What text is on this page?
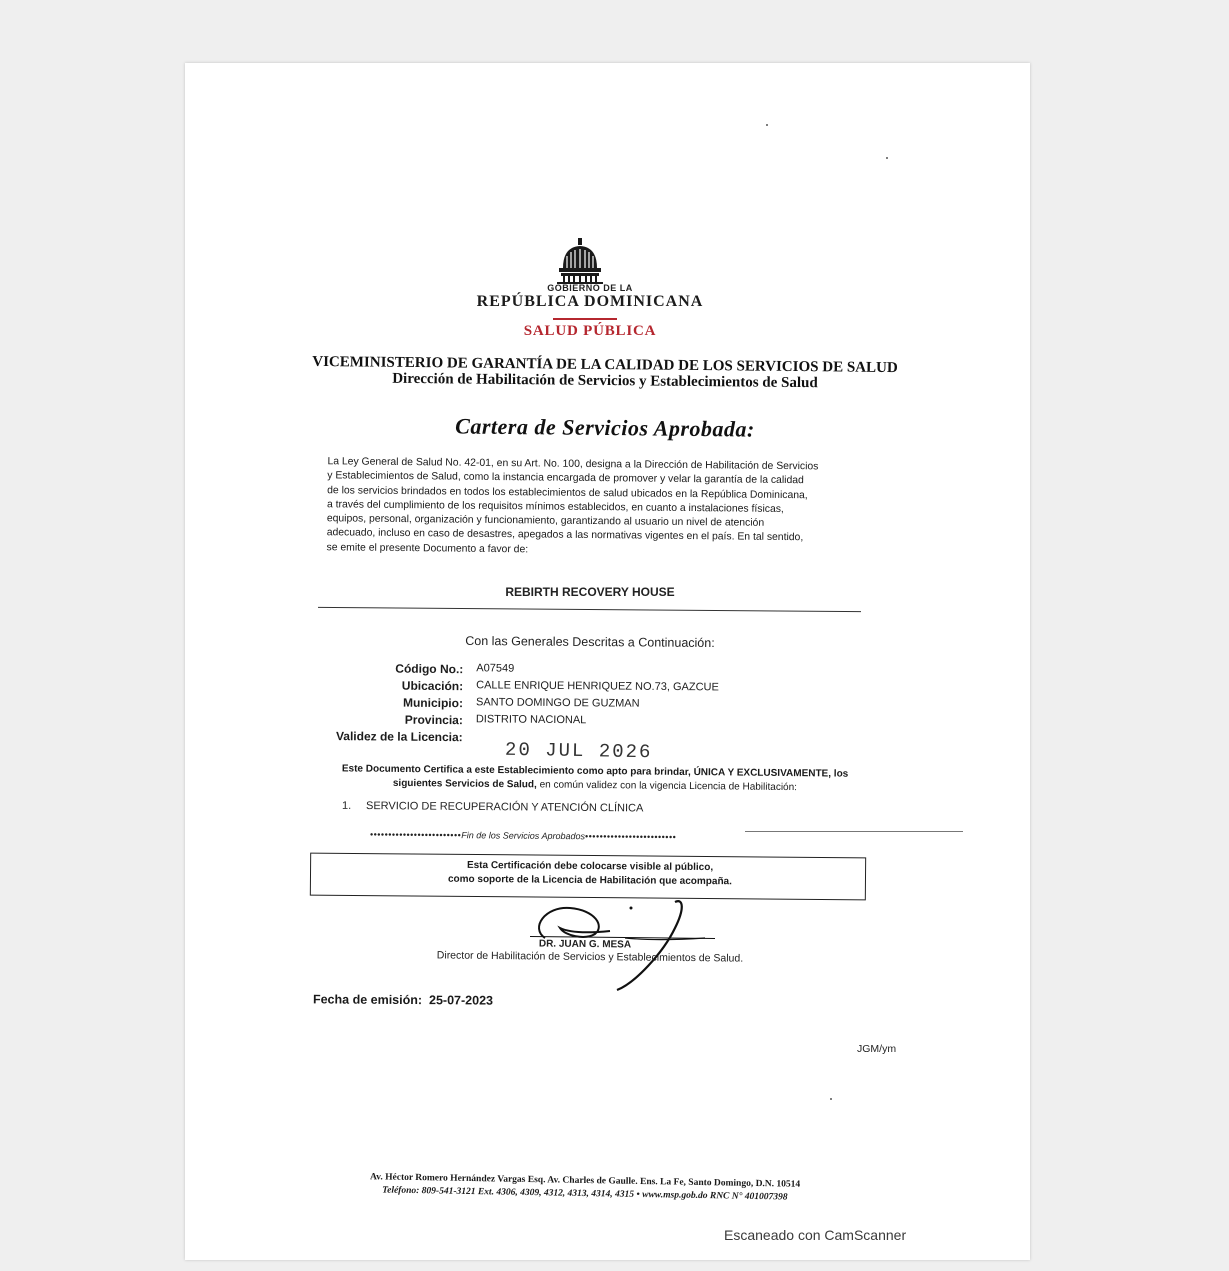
GOBIERNO DE LA
REPÚBLICA DOMINICANA
SALUD PÚBLICA
VICEMINISTERIO DE GARANTÍA DE LA CALIDAD DE LOS SERVICIOS DE SALUD
Dirección de Habilitación de Servicios y Establecimientos de Salud
Cartera de Servicios Aprobada:
La Ley General de Salud No. 42-01, en su Art. No. 100, designa a la Dirección de Habilitación de Servicios
y Establecimientos de Salud, como la instancia encargada de promover y velar la garantía de la calidad
de los servicios brindados en todos los establecimientos de salud ubicados en la República Dominicana,
a través del cumplimiento de los requisitos mínimos establecidos, en cuanto a instalaciones físicas,
equipos, personal, organización y funcionamiento, garantizando al usuario un nivel de atención
adecuado, incluso en caso de desastres, apegados a las normativas vigentes en el país. En tal sentido,
se emite el presente Documento a favor de:
REBIRTH RECOVERY HOUSE
Con las Generales Descritas a Continuación:
Código No.: A07549
Ubicación: CALLE ENRIQUE HENRIQUEZ NO.73, GAZCUE
Municipio: SANTO DOMINGO DE GUZMAN
Provincia: DISTRITO NACIONAL
Validez de la Licencia:
20 JUL 2026
Este Documento Certifica a este Establecimiento como apto para brindar, ÚNICA Y EXCLUSIVAMENTE, los
siguientes Servicios de Salud, en común validez con la vigencia Licencia de Habilitación:
1. SERVICIO DE RECUPERACIÓN Y ATENCIÓN CLÍNICA
•••••••••••••••••••••••••Fin de los Servicios Aprobados•••••••••••••••••••••••••
Esta Certificación debe colocarse visible al público,
como soporte de la Licencia de Habilitación que acompaña.
DR. JUAN G. MESA
Director de Habilitación de Servicios y Establecimientos de Salud.
Fecha de emisión: 25-07-2023
JGM/ym
Av. Héctor Romero Hernández Vargas Esq. Av. Charles de Gaulle. Ens. La Fe, Santo Domingo, D.N. 10514
Teléfono: 809-541-3121 Ext. 4306, 4309, 4312, 4313, 4314, 4315 • www.msp.gob.do RNC N° 401007398
Escaneado con CamScanner
